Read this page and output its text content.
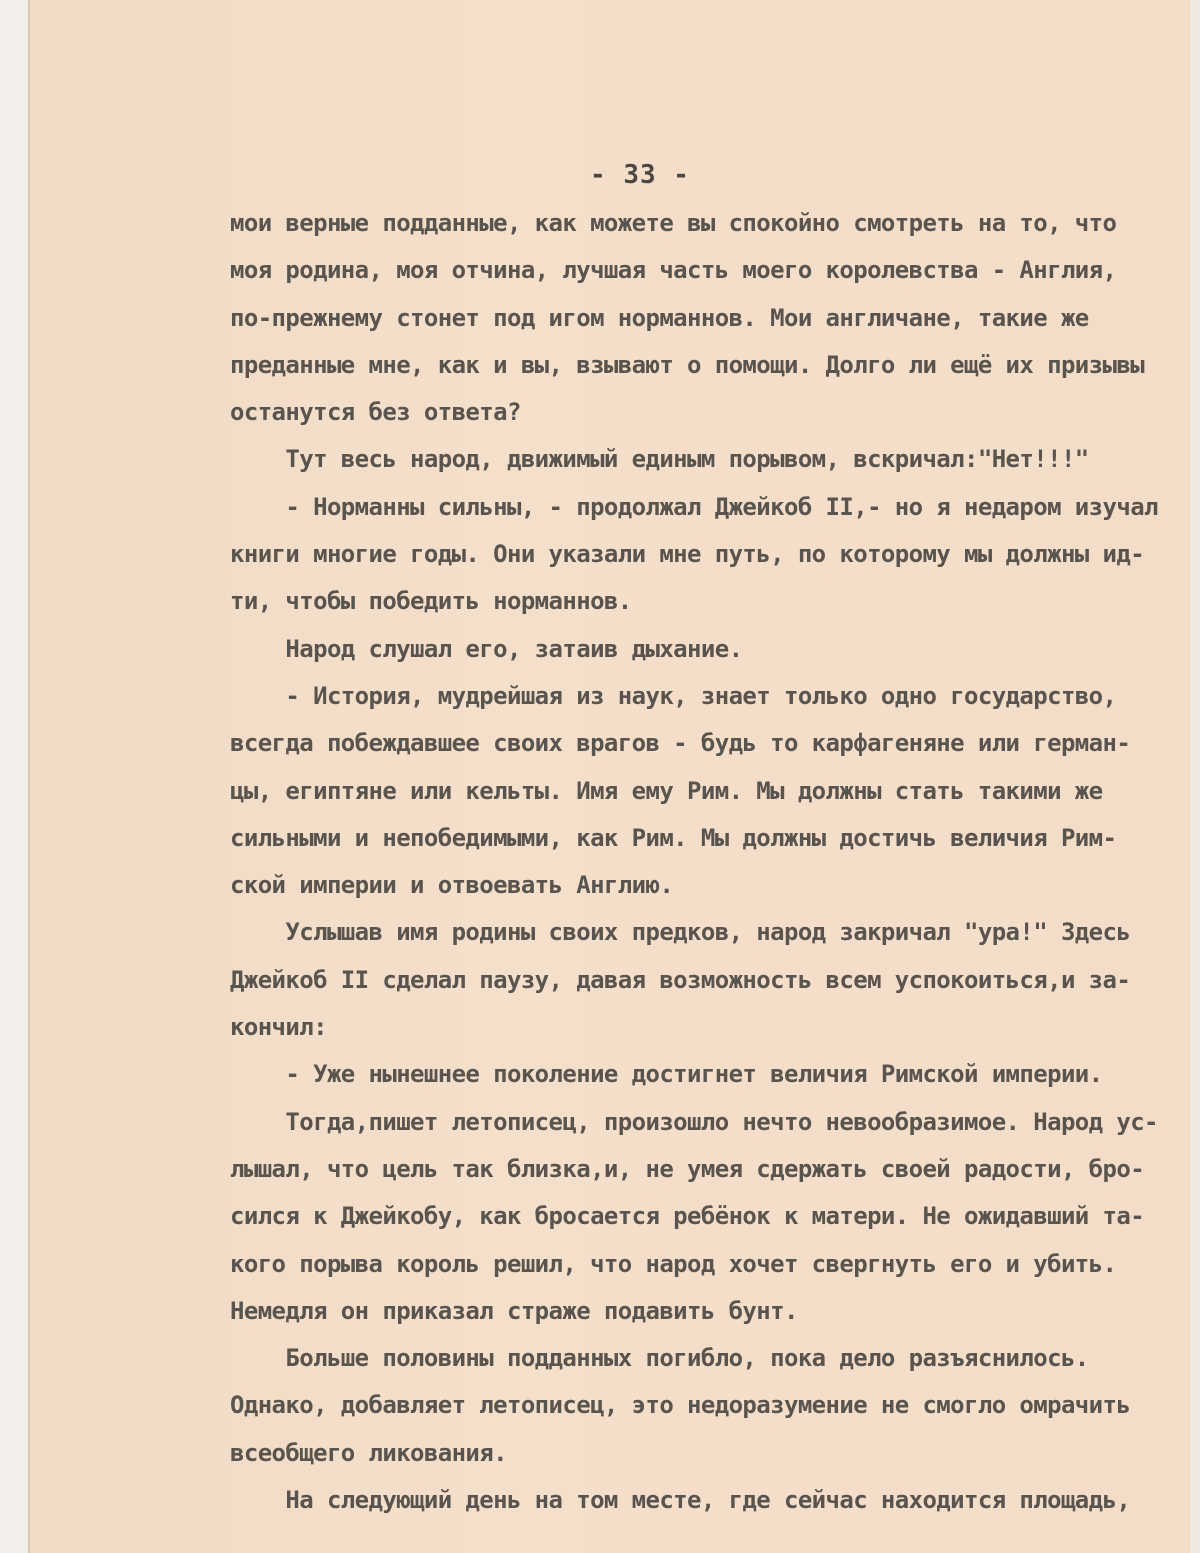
- 33 -
мои верные подданные, как можете вы спокойно смотреть на то, что
моя родина, моя отчина, лучшая часть моего королевства - Англия,
по-прежнему стонет под игом норманнов. Мои англичане, такие же
преданные мне, как и вы, взывают о помощи. Долго ли ещё их призывы
останутся без ответа?
Тут весь народ, движимый единым порывом, вскричал:"Нет!!!"
- Норманны сильны, - продолжал Джейкоб II,- но я недаром изучал
книги многие годы. Они указали мне путь, по которому мы должны ид-
ти, чтобы победить норманнов.
Народ слушал его, затаив дыхание.
- История, мудрейшая из наук, знает только одно государство,
всегда побеждавшее своих врагов - будь то карфагеняне или герман-
цы, египтяне или кельты. Имя ему Рим. Мы должны стать такими же
сильными и непобедимыми, как Рим. Мы должны достичь величия Рим-
ской империи и отвоевать Англию.
Услышав имя родины своих предков, народ закричал "ура!" Здесь
Джейкоб II сделал паузу, давая возможность всем успокоиться,и за-
кончил:
- Уже нынешнее поколение достигнет величия Римской империи.
Тогда,пишет летописец, произошло нечто невообразимое. Народ ус-
лышал, что цель так близка,и, не умея сдержать своей радости, бро-
сился к Джейкобу, как бросается ребёнок к матери. Не ожидавший та-
кого порыва король решил, что народ хочет свергнуть его и убить.
Немедля он приказал страже подавить бунт.
Больше половины подданных погибло, пока дело разъяснилось.
Однако, добавляет летописец, это недоразумение не смогло омрачить
всеобщего ликования.
На следующий день на том месте, где сейчас находится площадь,
